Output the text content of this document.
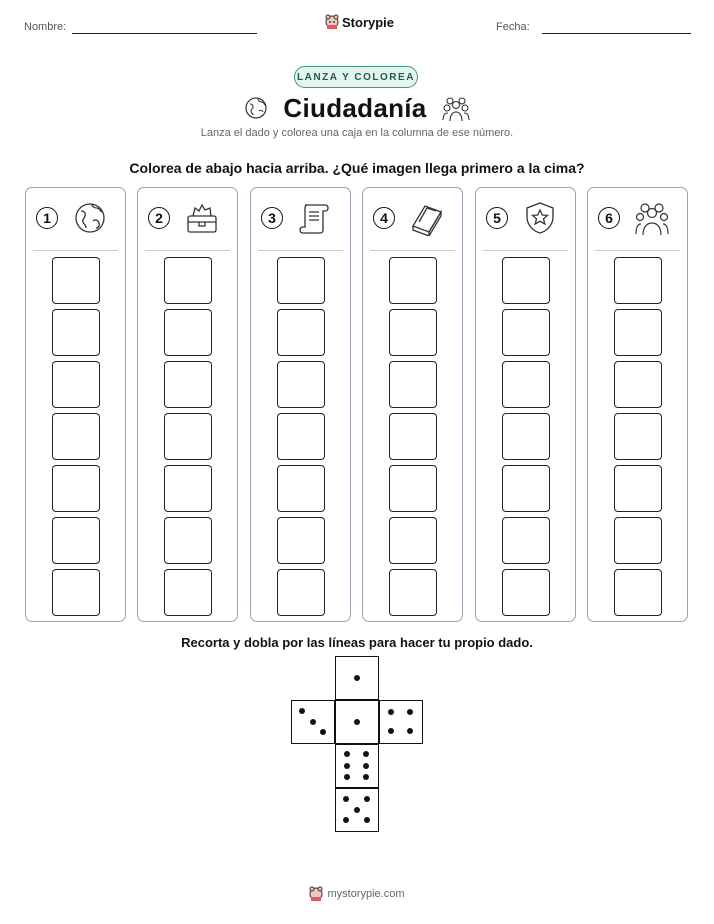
Nombre:	Storypie	Fecha:
LANZA Y COLOREA
Ciudadanía
Lanza el dado y colorea una caja en la columna de ese número.
Colorea de abajo hacia arriba. ¿Qué imagen llega primero a la cima?
1	2	3	4	5	6
Recorta y dobla por las líneas para hacer tu propio dado.
mystorypie.com
